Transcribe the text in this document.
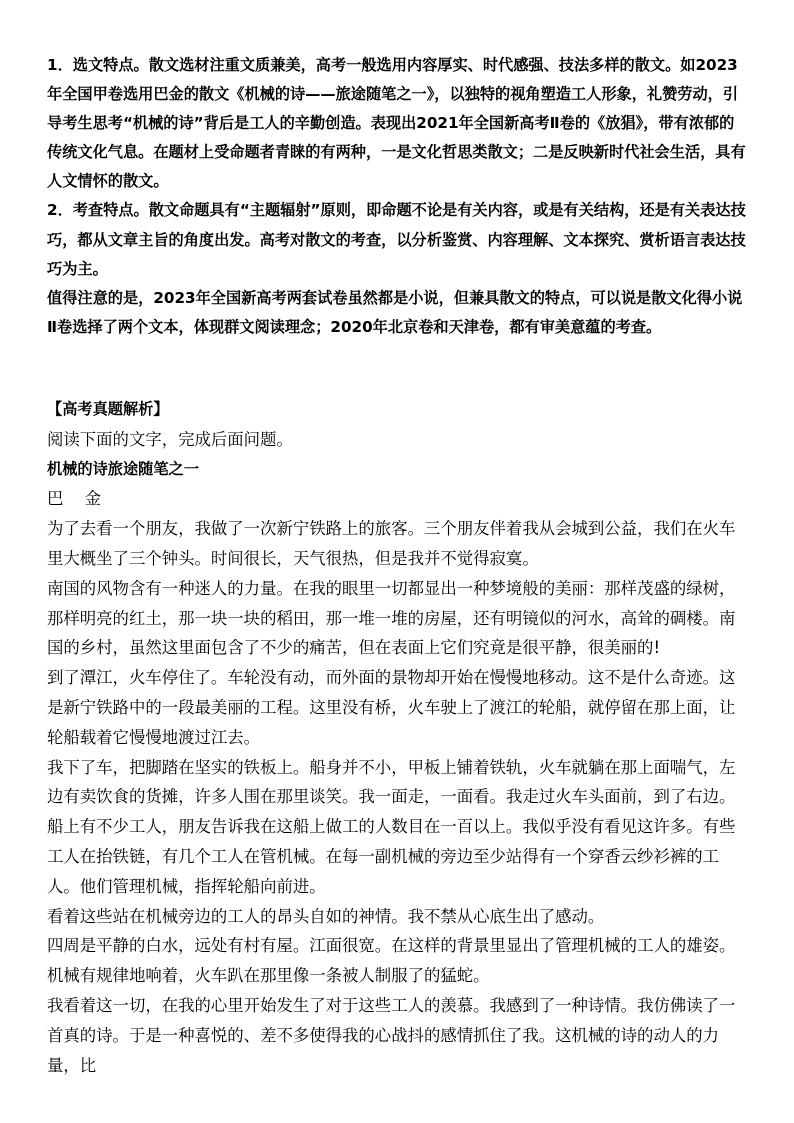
1．选文特点。散文选材注重文质兼美，高考一般选用内容厚实、时代感强、技法多样的散文。如2023年全国甲卷选用巴金的散文《机械的诗——旅途随笔之一》，以独特的视角塑造工人形象，礼赞劳动，引导考生思考“机械的诗”背后是工人的辛勤创造。表现出2021年全国新高考Ⅱ卷的《放猖》，带有浓郁的传统文化气息。在题材上受命题者青睐的有两种，一是文化哲思类散文；二是反映新时代社会生活，具有人文情怀的散文。

2．考查特点。散文命题具有“主题辐射”原则，即命题不论是有关内容，或是有关结构，还是有关表达技巧，都从文章主旨的角度出发。高考对散文的考查，以分析鉴赏、内容理解、文本探究、赏析语言表达技巧为主。

值得注意的是，2023年全国新高考两套试卷虽然都是小说，但兼具散文的特点，可以说是散文化得小说Ⅱ卷选择了两个文本，体现群文阅读理念；2020年北京卷和天津卷，都有审美意蕴的考查。

【高考真题解析】

阅读下面的文字，完成后面问题。

机械的诗旅途随笔之一

巴 金

为了去看一个朋友，我做了一次新宁铁路上的旅客。三个朋友伴着我从会城到公益，我们在火车里大概坐了三个钟头。时间很长，天气很热，但是我并不觉得寂寞。

南国的风物含有一种迷人的力量。在我的眼里一切都显出一种梦境般的美丽：那样茂盛的绿树，那样明亮的红土，那一块一块的稻田，那一堆一堆的房屋，还有明镜似的河水，高耸的碉楼。南国的乡村，虽然这里面包含了不少的痛苦，但在表面上它们究竟是很平静，很美丽的!

到了潭江，火车停住了。车轮没有动，而外面的景物却开始在慢慢地移动。这不是什么奇迹。这是新宁铁路中的一段最美丽的工程。这里没有桥，火车驶上了渡江的轮船，就停留在那上面，让轮船载着它慢慢地渡过江去。

我下了车，把脚踏在坚实的铁板上。船身并不小，甲板上铺着铁轨，火车就躺在那上面喘气，左边有卖饮食的货摊，许多人围在那里谈笑。我一面走，一面看。我走过火车头面前，到了右边。船上有不少工人，朋友告诉我在这船上做工的人数目在一百以上。我似乎没有看见这许多。有些工人在抬铁链，有几个工人在管机械。在每一副机械的旁边至少站得有一个穿香云纱衫裤的工人。他们管理机械，指挥轮船向前进。

看着这些站在机械旁边的工人的昂头自如的神情。我不禁从心底生出了感动。

四周是平静的白水，远处有村有屋。江面很宽。在这样的背景里显出了管理机械的工人的雄姿。机械有规律地响着，火车趴在那里像一条被人制服了的猛蛇。

我看着这一切，在我的心里开始发生了对于这些工人的羡慕。我感到了一种诗情。我仿佛读了一首真的诗。于是一种喜悦的、差不多使得我的心战抖的感情抓住了我。这机械的诗的动人的力量，比
